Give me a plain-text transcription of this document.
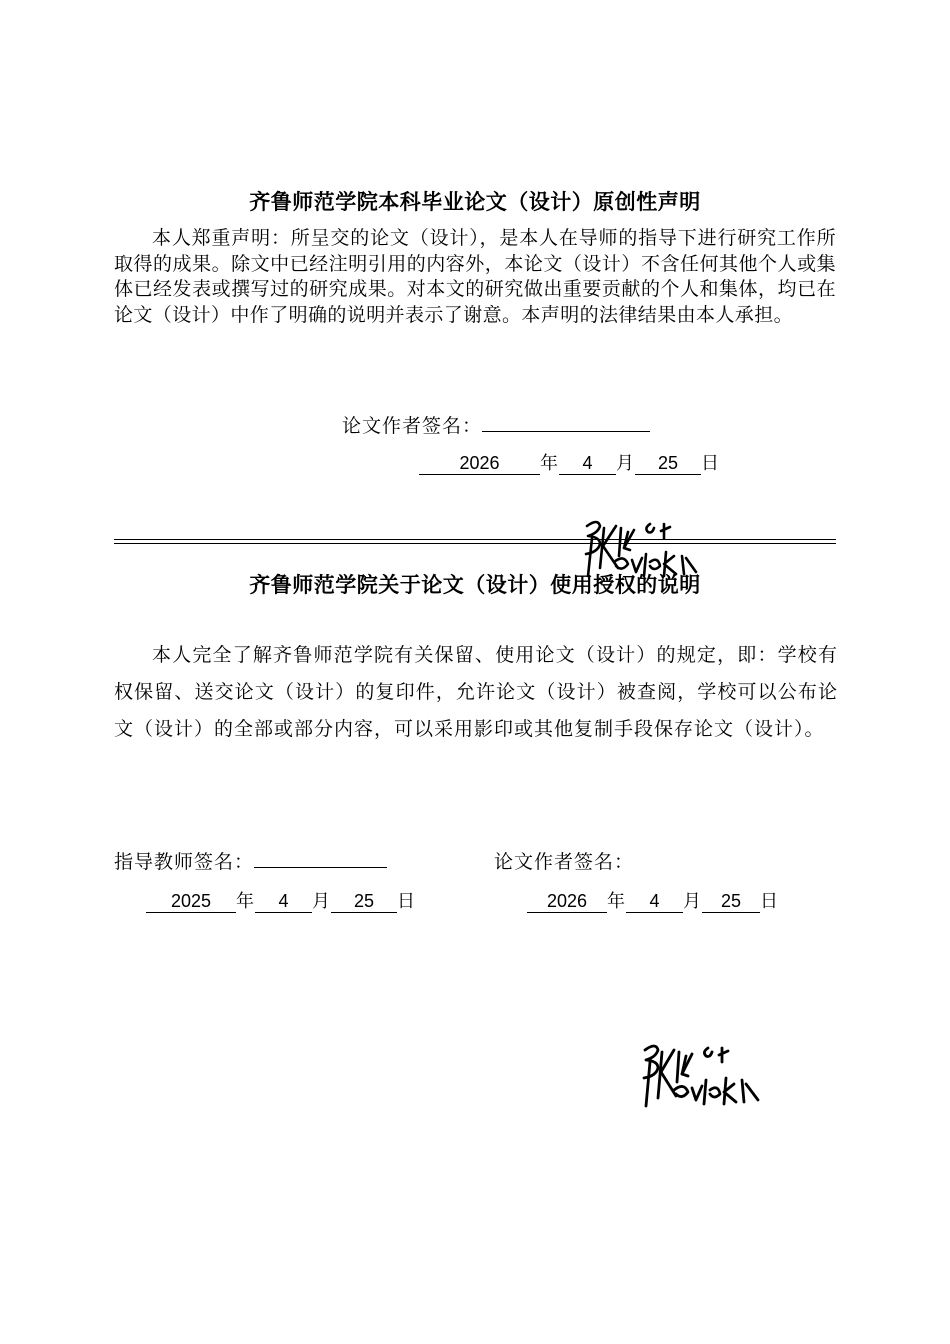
齐鲁师范学院本科毕业论文（设计）原创性声明
本人郑重声明：所呈交的论文（设计），是本人在导师的指导下进行研究工作所取得的成果。除文中已经注明引用的内容外，本论文（设计）不含任何其他个人或集体已经发表或撰写过的研究成果。对本文的研究做出重要贡献的个人和集体，均已在论文（设计）中作了明确的说明并表示了谢意。本声明的法律结果由本人承担。
论文作者签名：
2026 年 4 月 25 日
齐鲁师范学院关于论文（设计）使用授权的说明
本人完全了解齐鲁师范学院有关保留、使用论文（设计）的规定，即：学校有权保留、送交论文（设计）的复印件，允许论文（设计）被查阅，学校可以公布论文（设计）的全部或部分内容，可以采用影印或其他复制手段保存论文（设计）。
指导教师签名：	论文作者签名：
2025 年 4 月 25 日	2026 年 4 月 25 日
